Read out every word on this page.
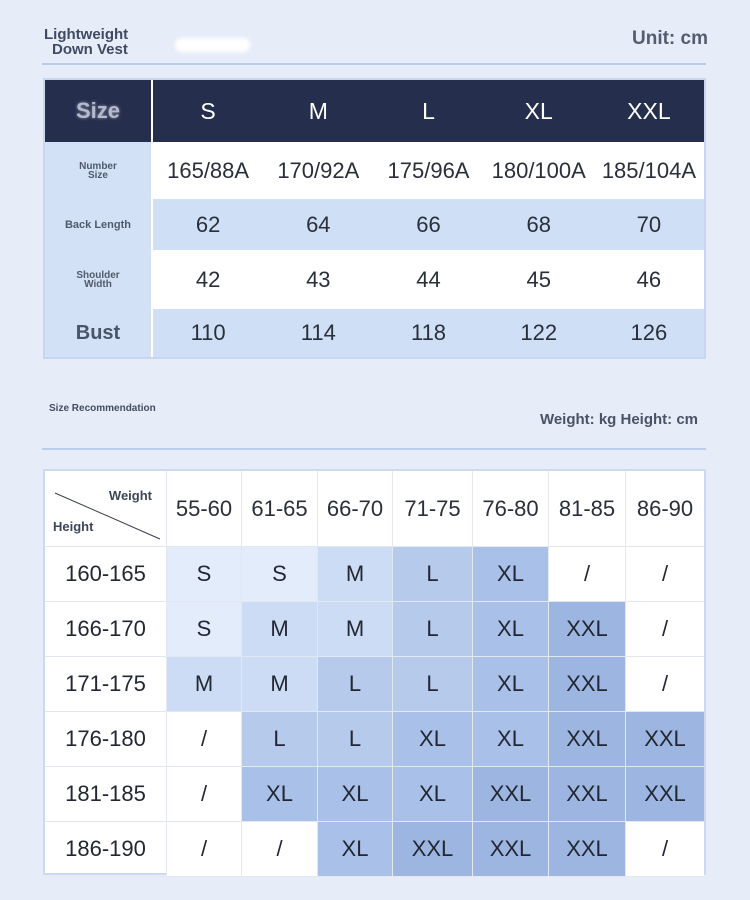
Lightweight
Down Vest
Unit: cm
Size	S	M	L	XL	XXL
Number
Size	165/88A	170/92A	175/96A	180/100A 185/104A
Back Length	62	64	66	68	70
Shoulder
Width	42	43	44	45	46
Bust	110	114	118	122	126
Size Recommendation
Weight: kg Height: cm
Weight
Height
55-60 61-65 66-70 71-75 76-80 81-85 86-90
160-165	S	S	M	L	XL	/	/
166-170	S	M	M	L	XL	XXL	/
171-175	M	M	L	L	XL	XXL	/
176-180	/	L	L	XL	XL	XXL	XXL
181-185	/	XL	XL	XL	XXL	XXL	XXL
186-190	/	/	XL	XXL	XXL	XXL	/
